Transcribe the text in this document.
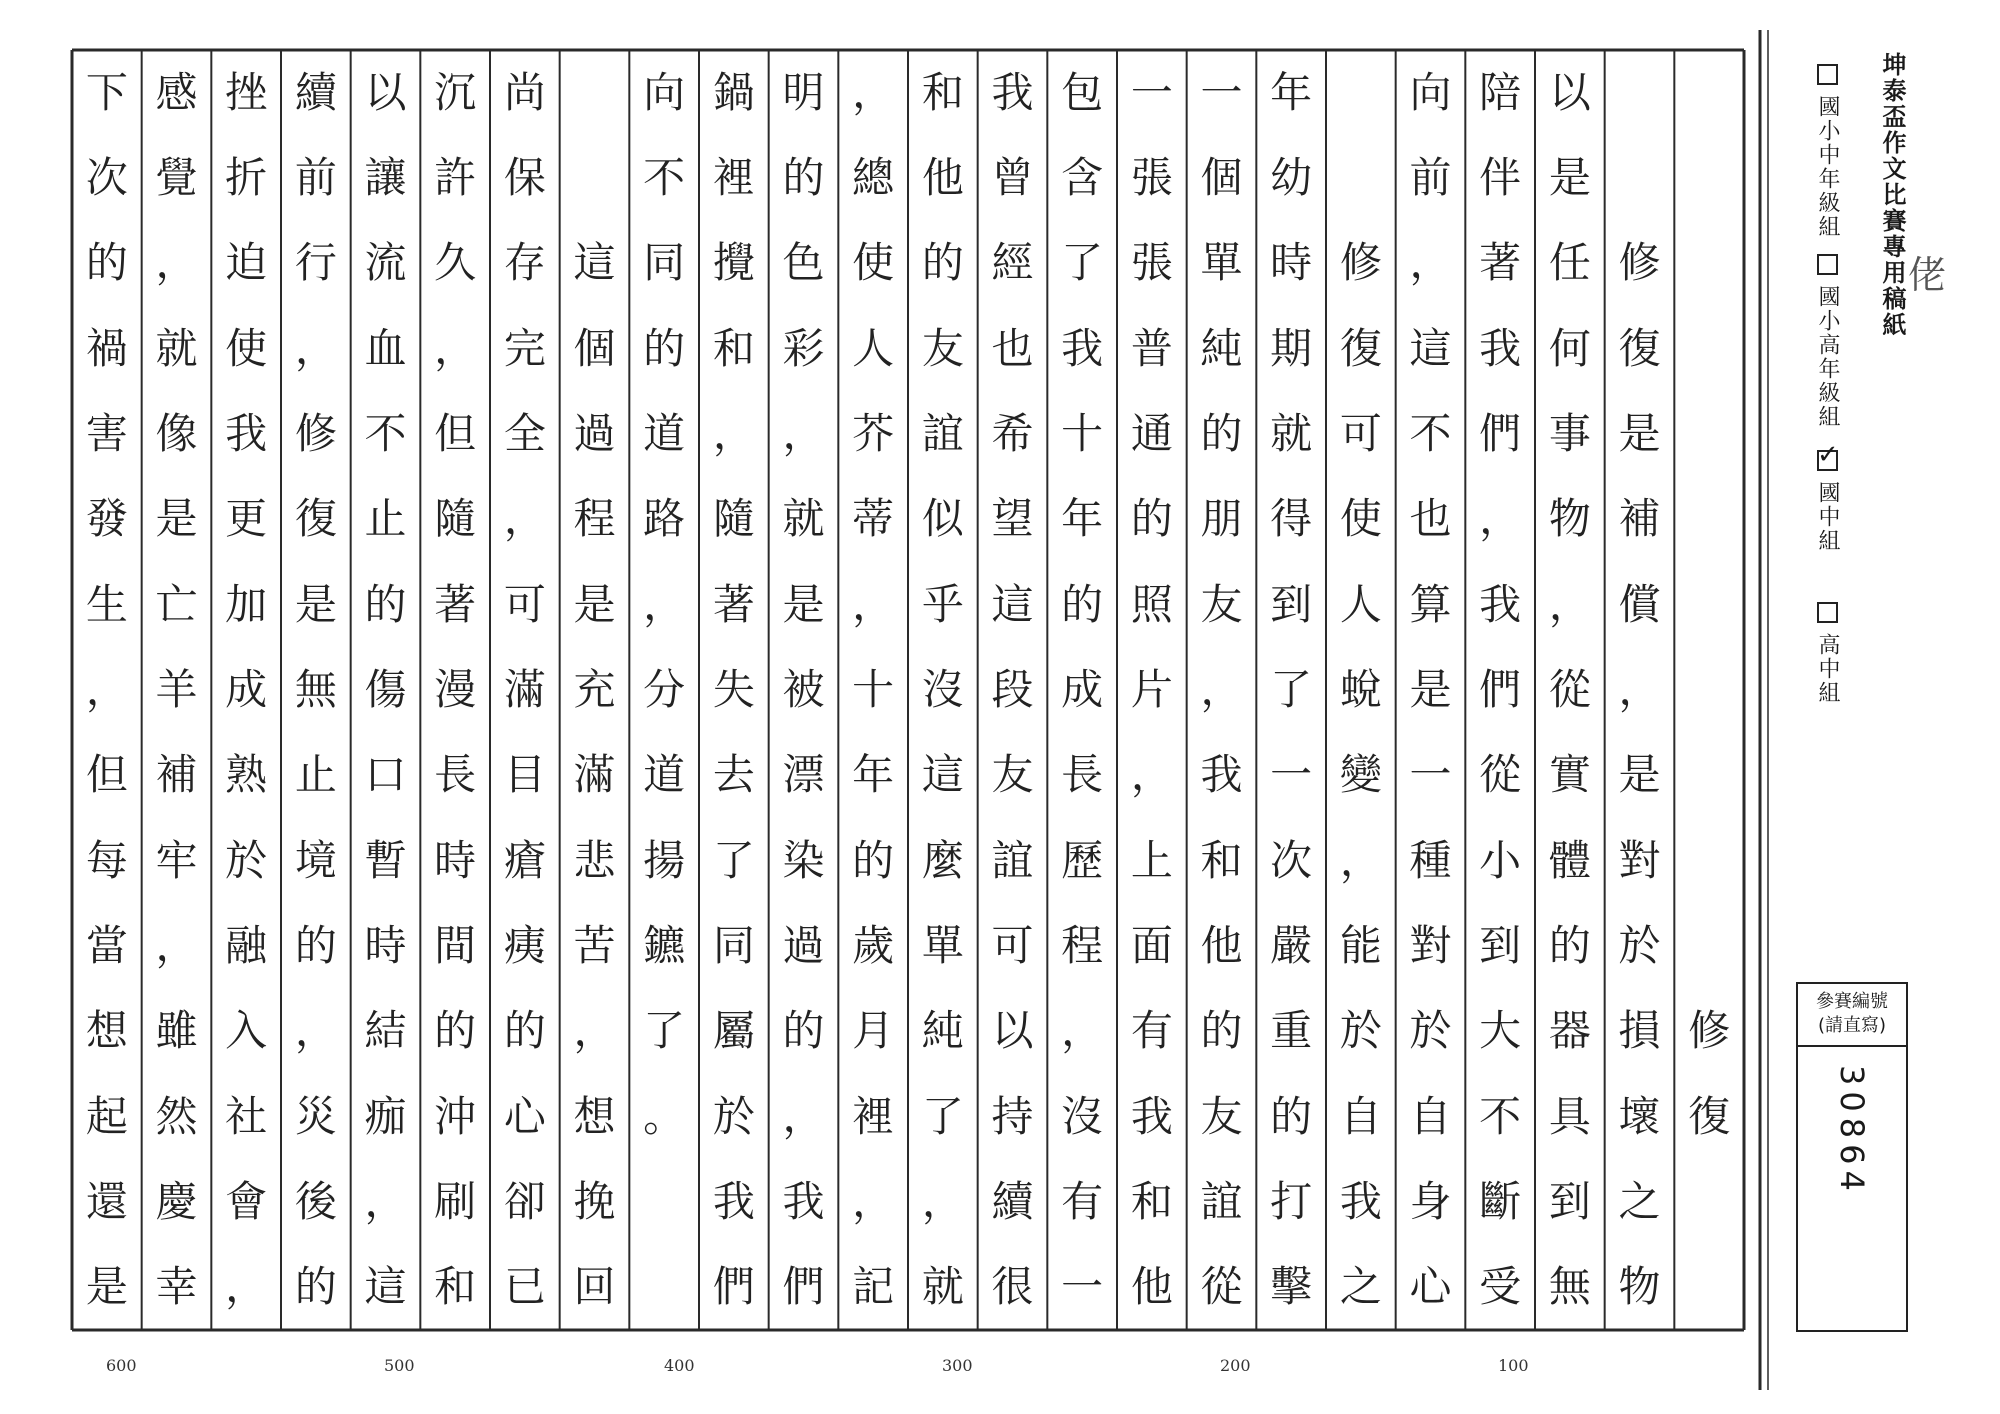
修
復
修
復
是
補
償
，
是
對
於
損
壞
之
物
以
是
任
何
事
物
，
從
實
體
的
器
具
到
無
陪
伴
著
我
們
，
我
們
從
小
到
大
不
斷
受
向
前
，
這
不
也
算
是
一
種
對
於
自
身
心
修
復
可
使
人
蛻
變
，
能
於
自
我
之
年
幼
時
期
就
得
到
了
一
次
嚴
重
的
打
擊
一
個
單
純
的
朋
友
，
我
和
他
的
友
誼
從
一
張
張
普
通
的
照
片
，
上
面
有
我
和
他
包
含
了
我
十
年
的
成
長
歷
程
，
沒
有
一
我
曾
經
也
希
望
這
段
友
誼
可
以
持
續
很
和
他
的
友
誼
似
乎
沒
這
麼
單
純
了
，
就
，
總
使
人
芥
蒂
，
十
年
的
歲
月
裡
，
記
明
的
色
彩
，
就
是
被
漂
染
過
的
，
我
們
鍋
裡
攪
和
，
隨
著
失
去
了
同
屬
於
我
們
向
不
同
的
道
路
，
分
道
揚
鑣
了
。
這
個
過
程
是
充
滿
悲
苦
，
想
挽
回
尚
保
存
完
全
，
可
滿
目
瘡
痍
的
心
卻
已
沉
許
久
，
但
隨
著
漫
長
時
間
的
沖
刷
和
以
讓
流
血
不
止
的
傷
口
暫
時
結
痂
，
這
續
前
行
，
修
復
是
無
止
境
的
，
災
後
的
挫
折
迫
使
我
更
加
成
熟
於
融
入
社
會
，
感
覺
，
就
像
是
亡
羊
補
牢
，
雖
然
慶
幸
下
次
的
禍
害
發
生
，
但
每
當
想
起
還
是
600	500	400	300	200	100
坤泰盃作文比賽專用稿紙 佬
國小中年級組
國小高年級組
✓
國中組
高中組
參賽編號
(請直寫)
30864
